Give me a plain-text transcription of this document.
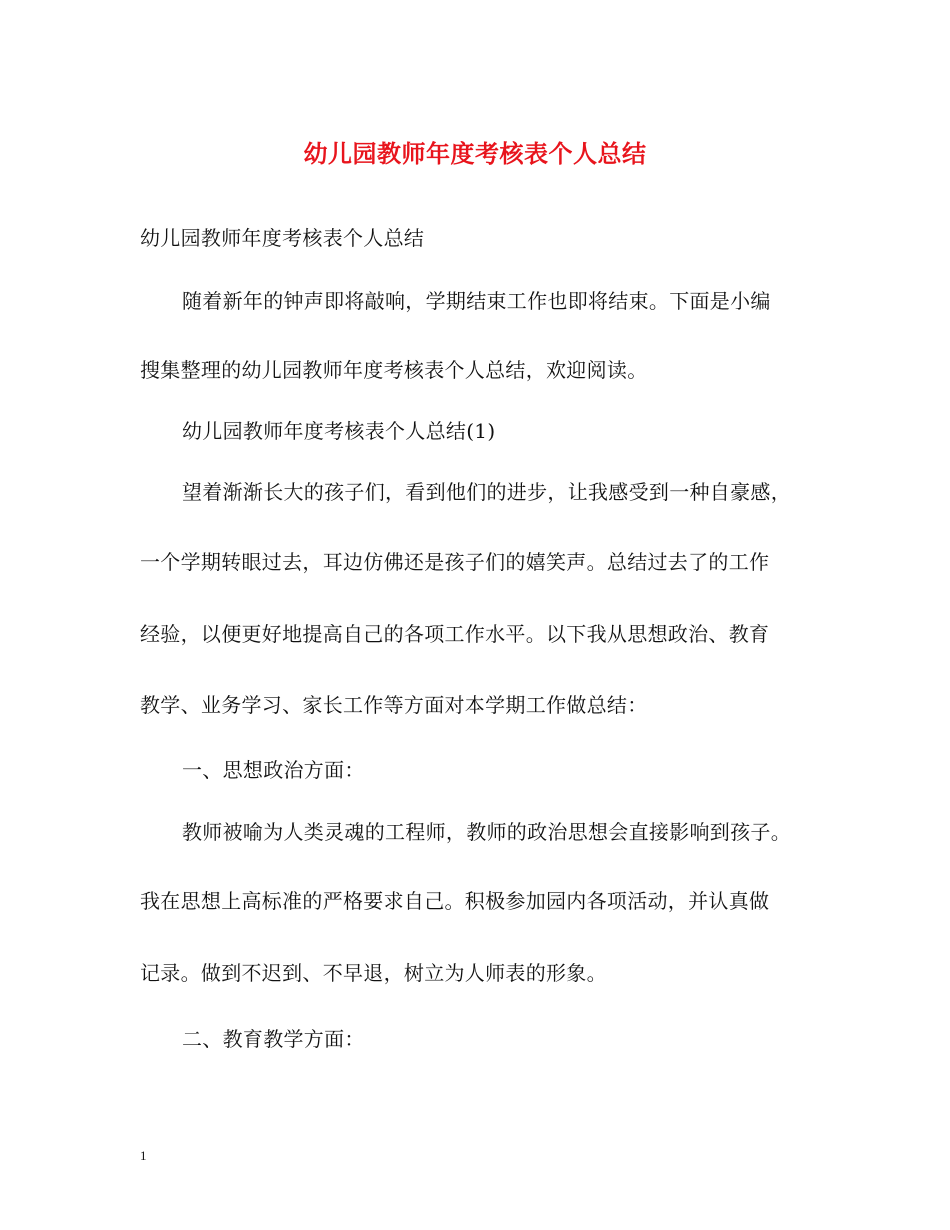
幼儿园教师年度考核表个人总结
幼儿园教师年度考核表个人总结
随着新年的钟声即将敲响，学期结束工作也即将结束。下面是小编
搜集整理的幼儿园教师年度考核表个人总结，欢迎阅读。
幼儿园教师年度考核表个人总结(1)
望着渐渐长大的孩子们，看到他们的进步，让我感受到一种自豪感，
一个学期转眼过去，耳边仿佛还是孩子们的嬉笑声。总结过去了的工作
经验，以便更好地提高自己的各项工作水平。以下我从思想政治、教育
教学、业务学习、家长工作等方面对本学期工作做总结：
一、思想政治方面：
教师被喻为人类灵魂的工程师，教师的政治思想会直接影响到孩子。
我在思想上高标准的严格要求自己。积极参加园内各项活动，并认真做
记录。做到不迟到、不早退，树立为人师表的形象。
二、教育教学方面：
1
